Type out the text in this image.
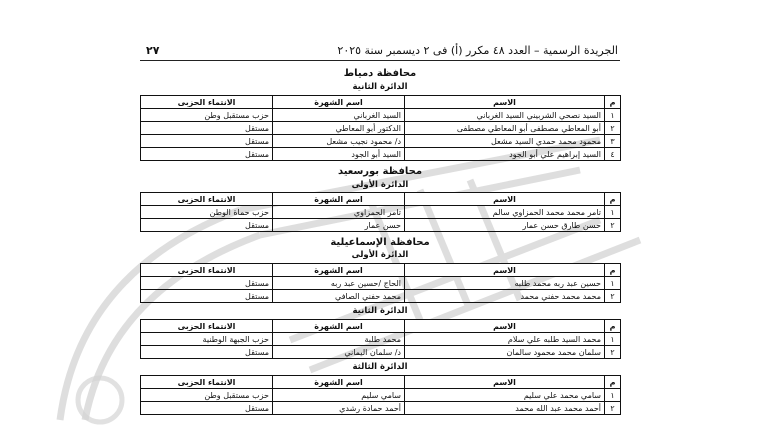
الجريدة الرسمية – العدد ٤٨ مكرر (أ) فى ٢ ديسمبر سنة ٢٠٢٥
٢٧
محافظة دمياط
الدائرة الثانية
م	الاسم	اسم الشهرة	الانتماء الحزبى
١	السيد نصحي الشربيني السيد الغرباني	السيد الغرباني	حزب مستقبل وطن
٢	أبو المعاطي مصطفى أبو المعاطي مصطفى	الدكتور أبو المعاطي	مستقل
٣	محمود محمد حمدي السيد مشعل	د/ محمود نجيب مشعل	مستقل
٤	السيد إبراهيم علي أبو الجود	السيد أبو الجود	مستقل
محافظة بورسعيد
الدائرة الأولى
م	الاسم	اسم الشهرة	الانتماء الحزبى
١	تامر محمد محمد الحمزاوي سالم	تامر الحمزاوي	حزب حماة الوطن
٢	حسن طارق حسن عمار	حسن عمار	مستقل
محافظة الإسماعيلية
الدائرة الأولى
م	الاسم	اسم الشهرة	الانتماء الحزبى
١	حسين عبد ربه محمد طلبه	الحاج /حسين عبد ربه	مستقل
٢	محمد محمد حفني محمد	محمد حفني الصافي	مستقل
الدائرة الثانية
م	الاسم	اسم الشهرة	الانتماء الحزبى
١	محمد السيد طلبه علي سلام	محمد طلبة	حزب الجبهة الوطنية
٢	سلمان محمد محمود سالمان	د/ سلمان اليماني	مستقل
الدائرة الثالثة
م	الاسم	اسم الشهرة	الانتماء الحزبى
١	سامي محمد علي سليم	سامي سليم	حزب مستقبل وطن
٢	أحمد محمد عبد الله محمد	أحمد حمادة رشدي	مستقل
